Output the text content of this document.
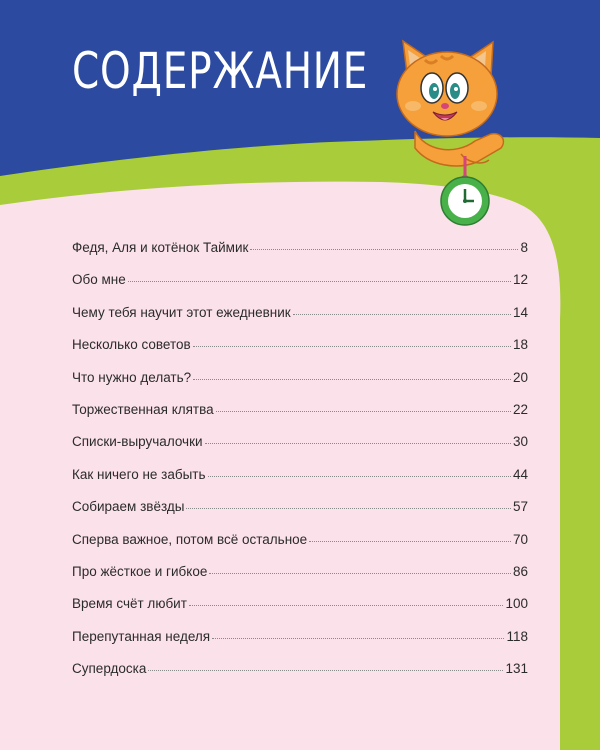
СОДЕРЖАНИЕ
Федя, Аля и котёнок Таймик	8
Обо мне	12
Чему тебя научит этот ежедневник	14
Несколько советов	18
Что нужно делать?	20
Торжественная клятва	22
Списки-выручалочки	30
Как ничего не забыть	44
Собираем звёзды	57
Сперва важное, потом всё остальное	70
Про жёсткое и гибкое	86
Время счёт любит	100
Перепутанная неделя	118
Супердоска	131
